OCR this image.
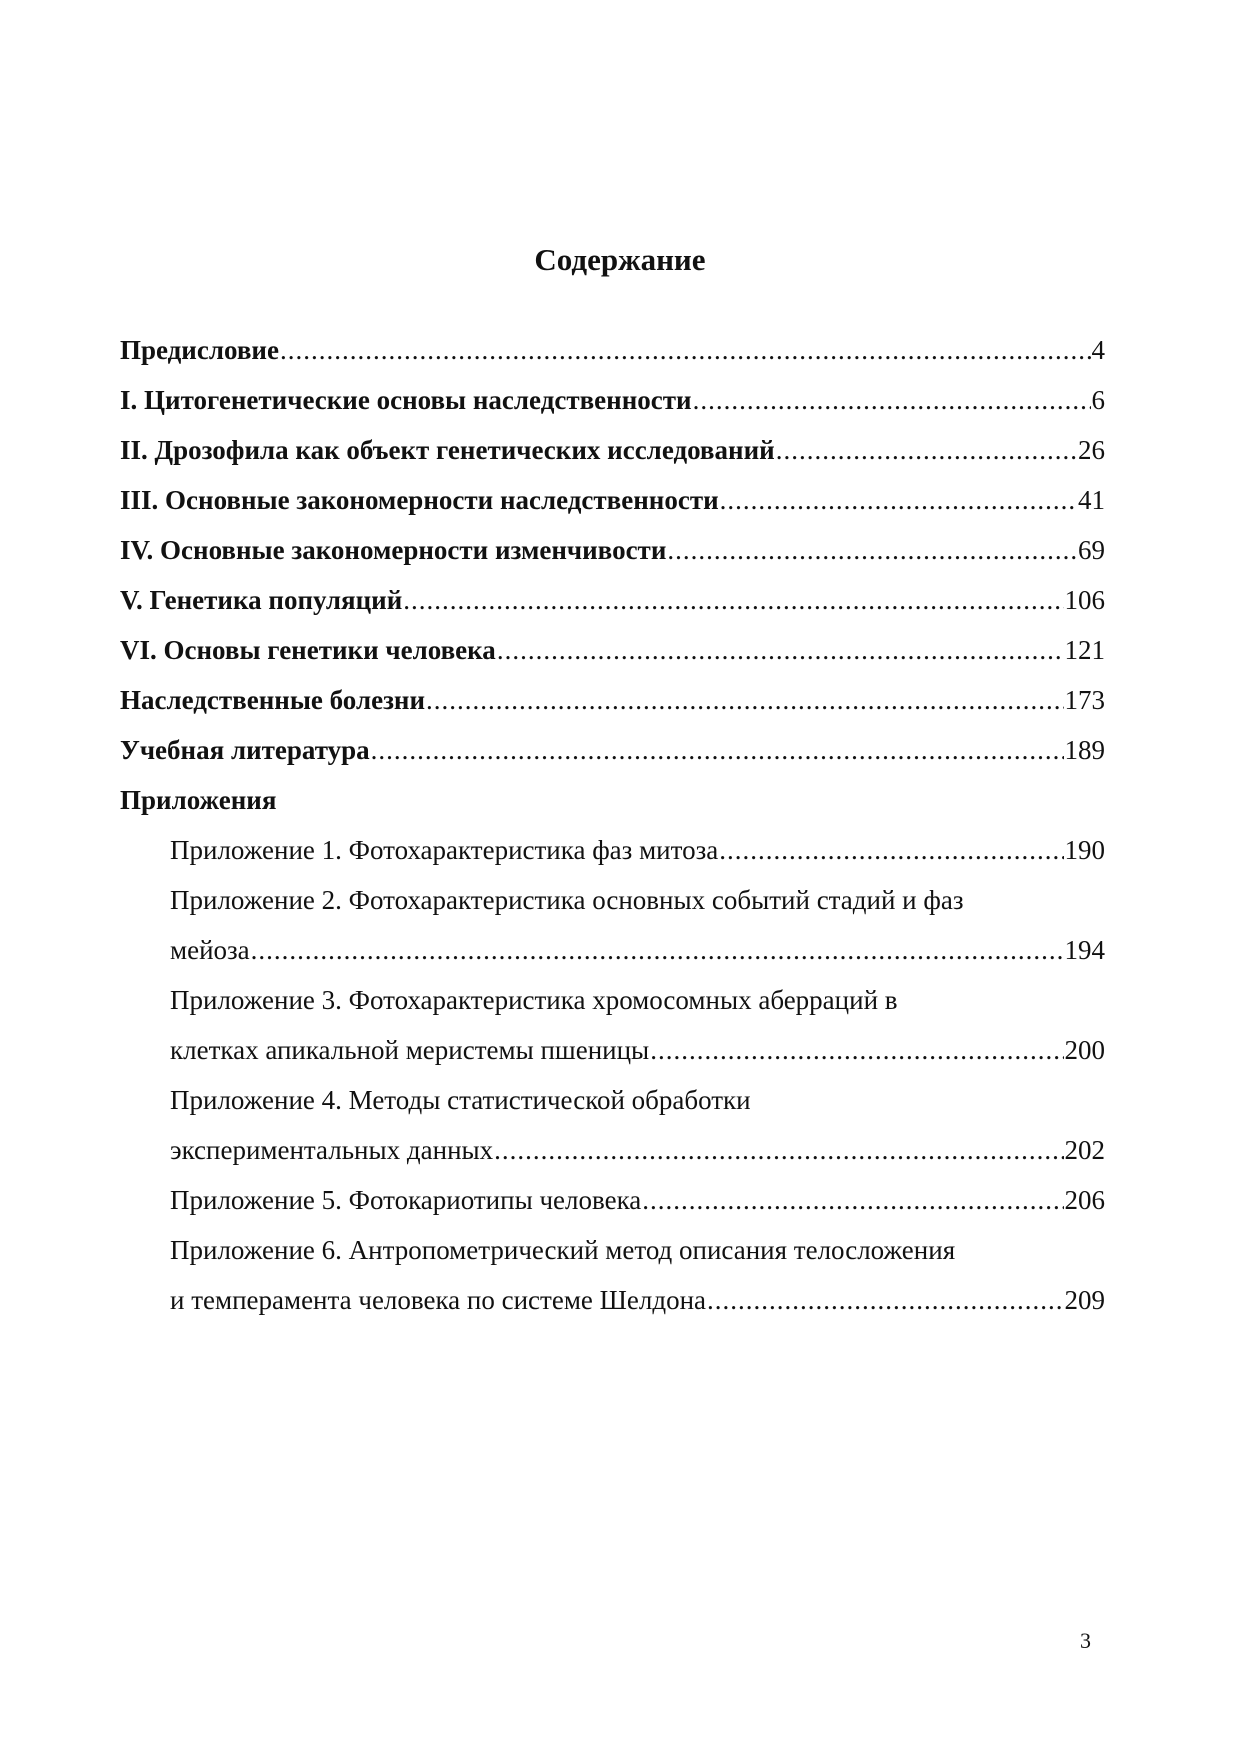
Содержание
Предисловие .....	4
I. Цитогенетические основы наследственности .....	6
II. Дрозофила как объект генетических исследований .....	26
III. Основные закономерности наследственности .....	41
IV. Основные закономерности изменчивости .....	69
V. Генетика популяций .....	106
VI. Основы генетики человека .....	121
Наследственные болезни .....	173
Учебная литература .....	189
Приложения
Приложение 1. Фотохарактеристика фаз митоза .....	190
Приложение 2. Фотохарактеристика основных событий стадий и фаз
мейоза .....	194
Приложение 3. Фотохарактеристика хромосомных аберраций в
клетках апикальной меристемы пшеницы .....	200
Приложение 4. Методы статистической обработки
экспериментальных данных .....	202
Приложение 5. Фотокариотипы человека .....	206
Приложение 6. Антропометрический метод описания телосложения
и темперамента человека по системе Шелдона .....	209
3
